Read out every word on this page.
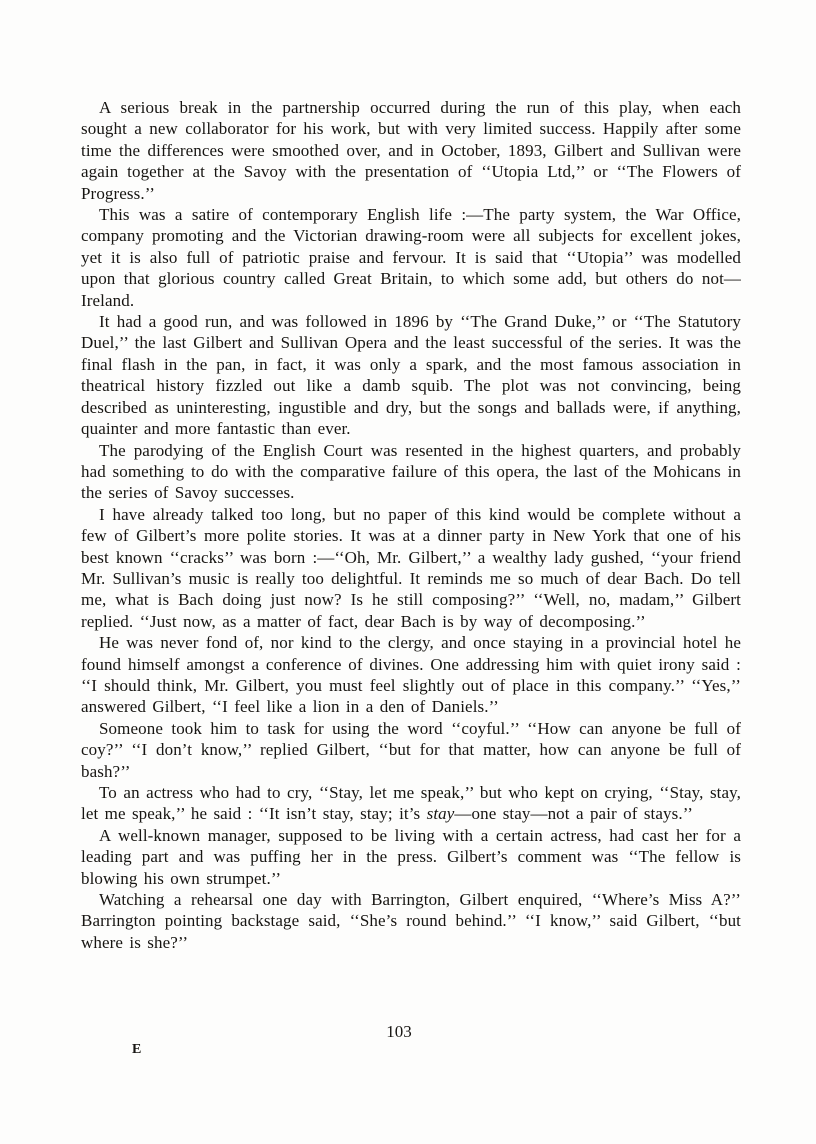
A serious break in the partnership occurred during the run of this play, when each sought a new collaborator for his work, but with very limited success. Happily after some time the differences were smoothed over, and in October, 1893, Gilbert and Sullivan were again together at the Savoy with the presentation of ‘‘Utopia Ltd,’’ or ‘‘The Flowers of Progress.’’

This was a satire of contemporary English life :—The party system, the War Office, company promoting and the Victorian drawing-room were all subjects for excellent jokes, yet it is also full of patriotic praise and fervour. It is said that ‘‘Utopia’’ was modelled upon that glorious country called Great Britain, to which some add, but others do not—Ireland.

It had a good run, and was followed in 1896 by ‘‘The Grand Duke,’’ or ‘‘The Statutory Duel,’’ the last Gilbert and Sullivan Opera and the least successful of the series. It was the final flash in the pan, in fact, it was only a spark, and the most famous association in theatrical history fizzled out like a damb squib. The plot was not convincing, being described as uninteresting, ingustible and dry, but the songs and ballads were, if anything, quainter and more fantastic than ever.

The parodying of the English Court was resented in the highest quarters, and probably had something to do with the comparative failure of this opera, the last of the Mohicans in the series of Savoy successes.

I have already talked too long, but no paper of this kind would be complete without a few of Gilbert’s more polite stories. It was at a dinner party in New York that one of his best known ‘‘cracks’’ was born :—‘‘Oh, Mr. Gilbert,’’ a wealthy lady gushed, ‘‘your friend Mr. Sullivan’s music is really too delightful. It reminds me so much of dear Bach. Do tell me, what is Bach doing just now? Is he still composing?’’ ‘‘Well, no, madam,’’ Gilbert replied. ‘‘Just now, as a matter of fact, dear Bach is by way of decomposing.’’

He was never fond of, nor kind to the clergy, and once staying in a provincial hotel he found himself amongst a conference of divines. One addressing him with quiet irony said : ‘‘I should think, Mr. Gilbert, you must feel slightly out of place in this company.’’ ‘‘Yes,’’ answered Gilbert, ‘‘I feel like a lion in a den of Daniels.’’

Someone took him to task for using the word ‘‘coyful.’’ ‘‘How can anyone be full of coy?’’ ‘‘I don’t know,’’ replied Gilbert, ‘‘but for that matter, how can anyone be full of bash?’’

To an actress who had to cry, ‘‘Stay, let me speak,’’ but who kept on crying, ‘‘Stay, stay, let me speak,’’ he said : ‘‘It isn’t stay, stay; it’s stay—one stay—not a pair of stays.’’

A well-known manager, supposed to be living with a certain actress, had cast her for a leading part and was puffing her in the press. Gilbert’s comment was ‘‘The fellow is blowing his own strumpet.’’

Watching a rehearsal one day with Barrington, Gilbert enquired, ‘‘Where’s Miss A?’’ Barrington pointing backstage said, ‘‘She’s round behind.’’ ‘‘I know,’’ said Gilbert, ‘‘but where is she?’’

103
E
